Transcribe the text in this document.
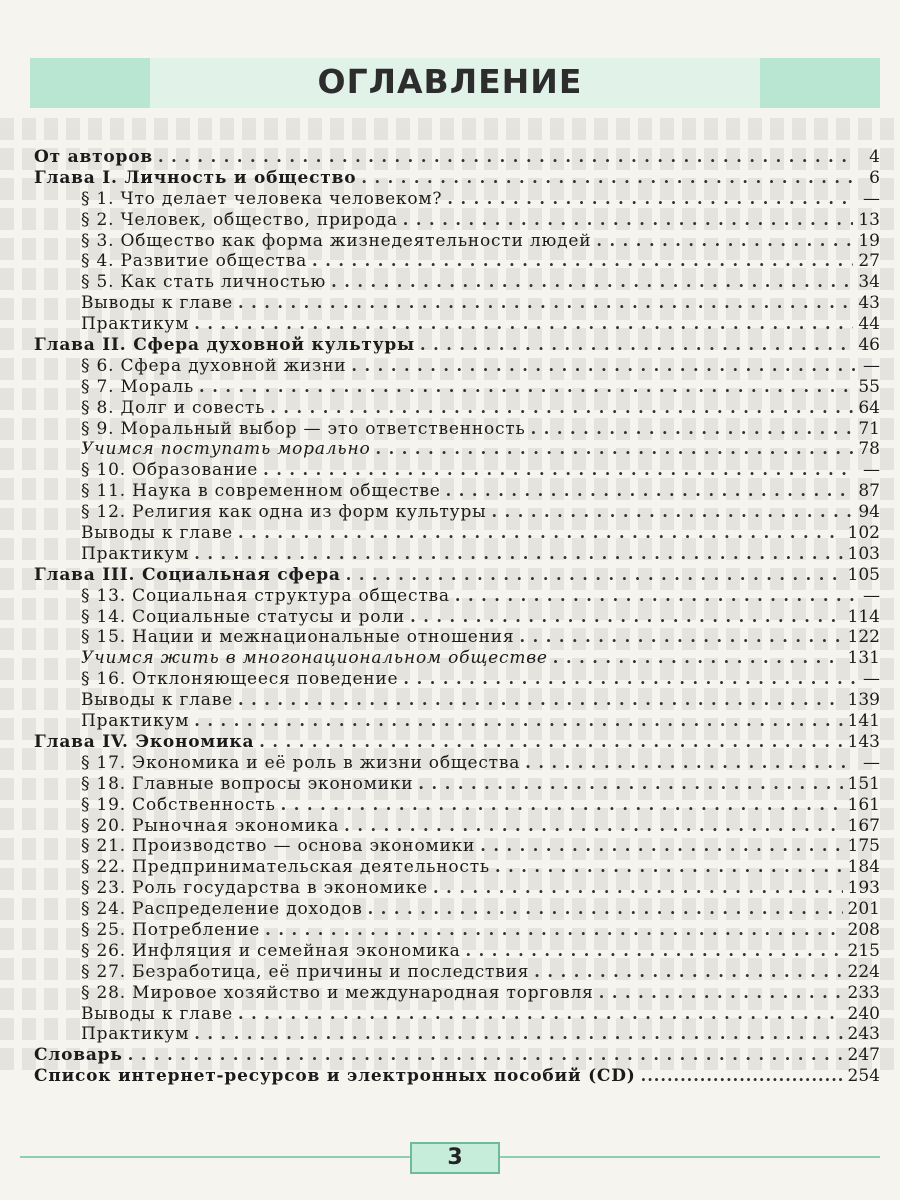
ОГЛАВЛЕНИЕ
От авторов . . .	4
Глава I. Личность и общество . . .	6
§ 1. Что делает человека человеком? . . .	—
§ 2. Человек, общество, природа . . .	13
§ 3. Общество как форма жизнедеятельности людей . . .	19
§ 4. Развитие общества . . .	27
§ 5. Как стать личностью . . .	34
Выводы к главе . . .	43
Практикум . . .	44
Глава II. Сфера духовной культуры . . .	46
§ 6. Сфера духовной жизни . . .	—
§ 7. Мораль . . .	55
§ 8. Долг и совесть . . .	64
§ 9. Моральный выбор — это ответственность . . .	71
Учимся поступать морально . . .	78
§ 10. Образование . . .	—
§ 11. Наука в современном обществе . . .	87
§ 12. Религия как одна из форм культуры . . .	94
Выводы к главе . . .	102
Практикум . . .	103
Глава III. Социальная сфера . . .	105
§ 13. Социальная структура общества . . .	—
§ 14. Социальные статусы и роли . . .	114
§ 15. Нации и межнациональные отношения . . .	122
Учимся жить в многонациональном обществе . . .	131
§ 16. Отклоняющееся поведение . . .	—
Выводы к главе . . .	139
Практикум . . .	141
Глава IV. Экономика . . .	143
§ 17. Экономика и её роль в жизни общества . . .	—
§ 18. Главные вопросы экономики . . .	151
§ 19. Собственность . . .	161
§ 20. Рыночная экономика . . .	167
§ 21. Производство — основа экономики . . .	175
§ 22. Предпринимательская деятельность . . .	184
§ 23. Роль государства в экономике . . .	193
§ 24. Распределение доходов . . .	201
§ 25. Потребление . . .	208
§ 26. Инфляция и семейная экономика . . .	215
§ 27. Безработица, её причины и последствия . . .	224
§ 28. Мировое хозяйство и международная торговля . . .	233
Выводы к главе . . .	240
Практикум . . .	243
Словарь . . .	247
Список интернет-ресурсов и электронных пособий (CD) .....	254
3
